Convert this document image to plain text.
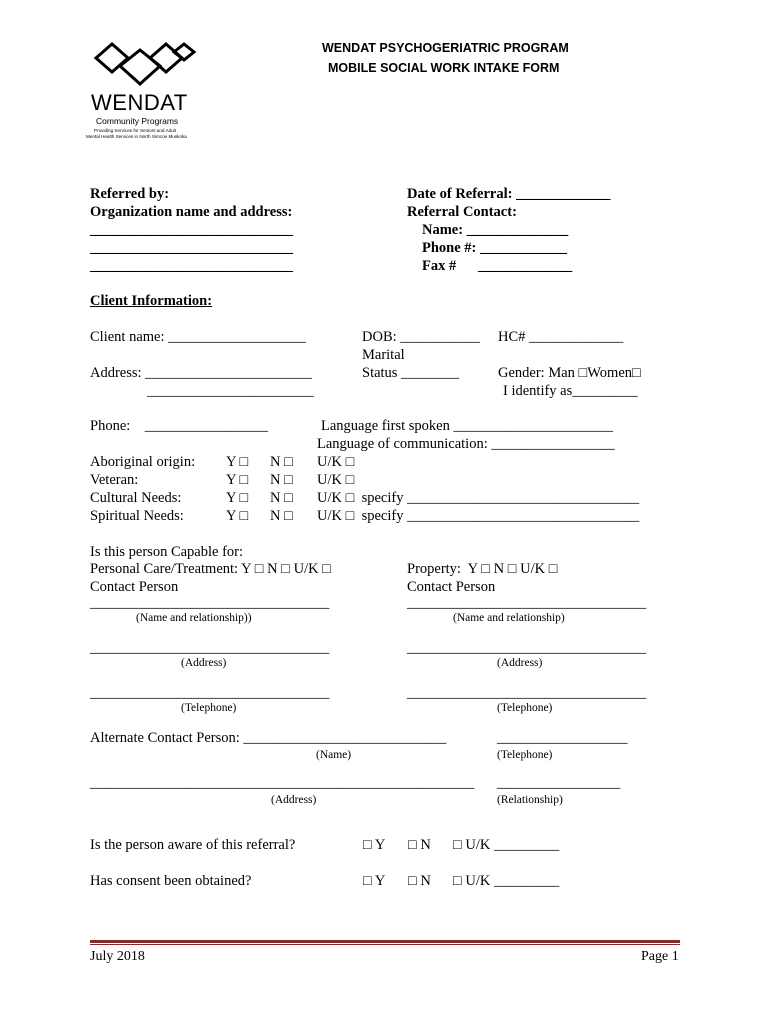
WENDAT
Community Programs
Providing Services for Seniors and Adult
Mental Health Services in North Simcoe Muskoka
WENDAT PSYCHOGERIATRIC PROGRAM
MOBILE SOCIAL WORK INTAKE FORM
Referred by:
Organization name and address:
____________________________
____________________________
____________________________
Date of Referral: _____________
Referral Contact:
Name: ______________
Phone #: ____________
Fax #      _____________
Client Information:
Client name: ___________________	DOB: ___________ HC# _____________
Marital
Status ________
Address: _______________________
_______________________
Gender: Man □Women□
I identify as_________
Phone:    _________________	Language first spoken ______________________
Language of communication: _________________
Aboriginal origin: Y □ N □ U/K □
Veteran:	Y □ N □ U/K □
Cultural Needs:	Y □ N □ U/K □  specify ________________________________
Spiritual Needs:	Y □ N □ U/K □  specify ________________________________
Is this person Capable for:
Personal Care/Treatment: Y □ N □ U/K □	Property:  Y □ N □ U/K □
Contact Person	Contact Person
_________________________________	_________________________________
(Name and relationship))	(Name and relationship)
_________________________________	_________________________________
(Address)	(Address)
_________________________________	_________________________________
(Telephone)	(Telephone)
Alternate Contact Person: ____________________________	__________________
(Name)	(Telephone)
_____________________________________________________ _________________
(Address)	(Relationship)
Is the person aware of this referral?	□ Y □ N □ U/K _________
Has consent been obtained?	□ Y □ N □ U/K _________
July 2018	Page 1
